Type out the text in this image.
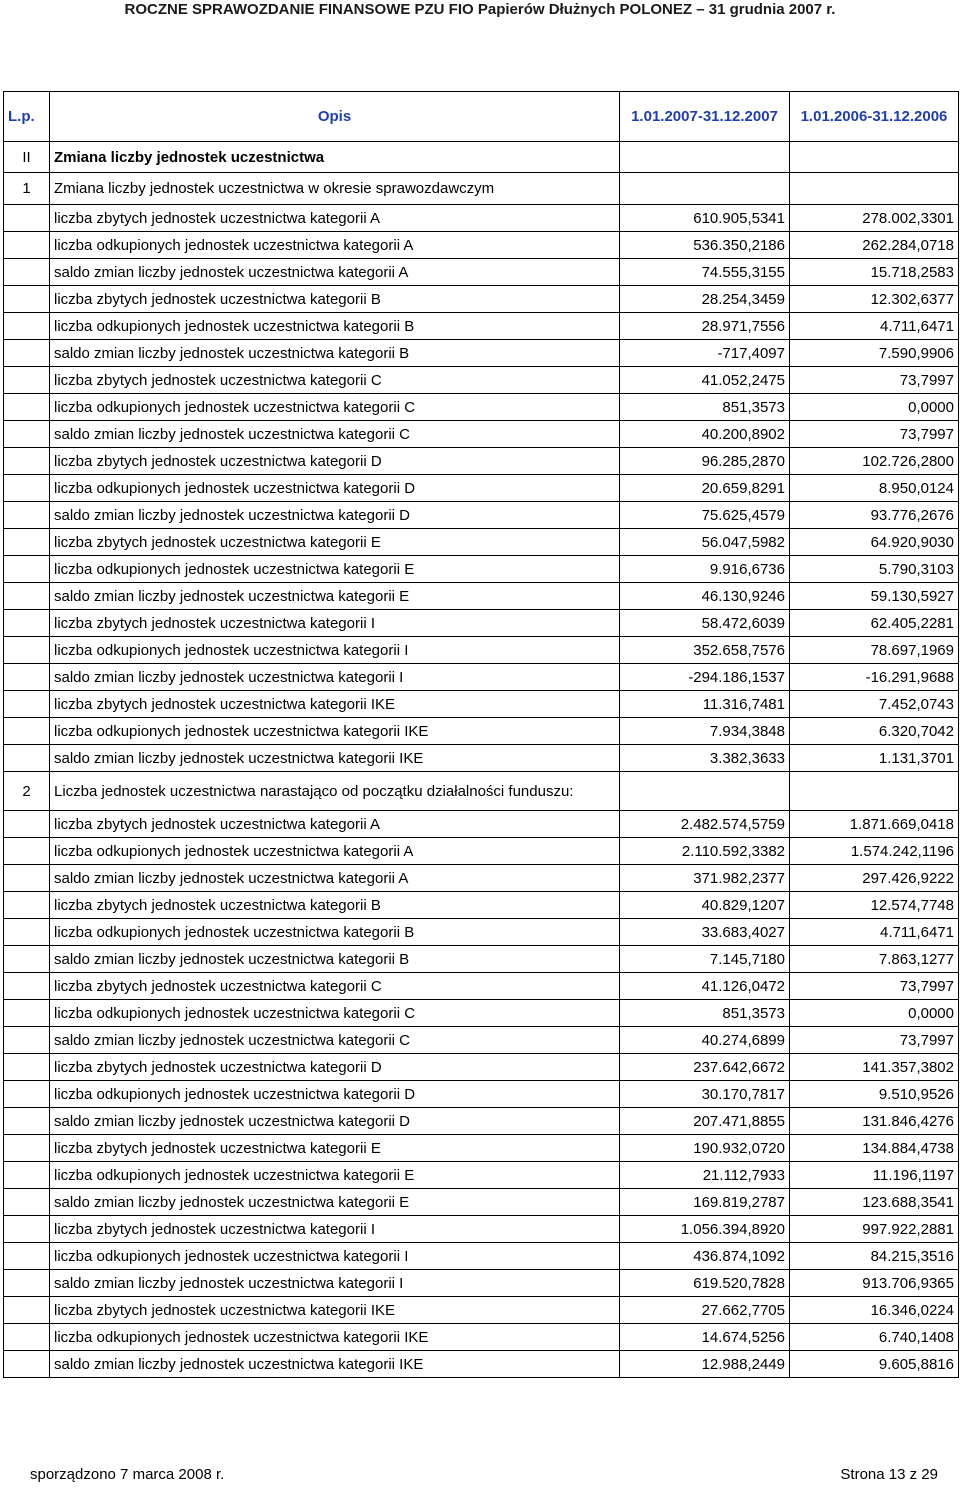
ROCZNE SPRAWOZDANIE FINANSOWE PZU FIO Papierów Dłużnych POLONEZ – 31 grudnia 2007 r.
L.p.	Opis	1.01.2007-31.12.2007	1.01.2006-31.12.2006
II	Zmiana liczby jednostek uczestnictwa		
1	Zmiana liczby jednostek uczestnictwa w okresie sprawozdawczym		
	liczba zbytych jednostek uczestnictwa kategorii A	610.905,5341	278.002,3301
	liczba odkupionych jednostek uczestnictwa kategorii A	536.350,2186	262.284,0718
	saldo zmian liczby jednostek uczestnictwa kategorii A	74.555,3155	15.718,2583
	liczba zbytych jednostek uczestnictwa kategorii B	28.254,3459	12.302,6377
	liczba odkupionych jednostek uczestnictwa kategorii B	28.971,7556	4.711,6471
	saldo zmian liczby jednostek uczestnictwa kategorii B	-717,4097	7.590,9906
	liczba zbytych jednostek uczestnictwa kategorii C	41.052,2475	73,7997
	liczba odkupionych jednostek uczestnictwa kategorii C	851,3573	0,0000
	saldo zmian liczby jednostek uczestnictwa kategorii C	40.200,8902	73,7997
	liczba zbytych jednostek uczestnictwa kategorii D	96.285,2870	102.726,2800
	liczba odkupionych jednostek uczestnictwa kategorii D	20.659,8291	8.950,0124
	saldo zmian liczby jednostek uczestnictwa kategorii D	75.625,4579	93.776,2676
	liczba zbytych jednostek uczestnictwa kategorii E	56.047,5982	64.920,9030
	liczba odkupionych jednostek uczestnictwa kategorii E	9.916,6736	5.790,3103
	saldo zmian liczby jednostek uczestnictwa kategorii E	46.130,9246	59.130,5927
	liczba zbytych jednostek uczestnictwa kategorii I	58.472,6039	62.405,2281
	liczba odkupionych jednostek uczestnictwa kategorii I	352.658,7576	78.697,1969
	saldo zmian liczby jednostek uczestnictwa kategorii I	-294.186,1537	-16.291,9688
	liczba zbytych jednostek uczestnictwa kategorii IKE	11.316,7481	7.452,0743
	liczba odkupionych jednostek uczestnictwa kategorii IKE	7.934,3848	6.320,7042
	saldo zmian liczby jednostek uczestnictwa kategorii IKE	3.382,3633	1.131,3701
2	Liczba jednostek uczestnictwa narastająco od początku działalności funduszu:		
	liczba zbytych jednostek uczestnictwa kategorii A	2.482.574,5759	1.871.669,0418
	liczba odkupionych jednostek uczestnictwa kategorii A	2.110.592,3382	1.574.242,1196
	saldo zmian liczby jednostek uczestnictwa kategorii A	371.982,2377	297.426,9222
	liczba zbytych jednostek uczestnictwa kategorii B	40.829,1207	12.574,7748
	liczba odkupionych jednostek uczestnictwa kategorii B	33.683,4027	4.711,6471
	saldo zmian liczby jednostek uczestnictwa kategorii B	7.145,7180	7.863,1277
	liczba zbytych jednostek uczestnictwa kategorii C	41.126,0472	73,7997
	liczba odkupionych jednostek uczestnictwa kategorii C	851,3573	0,0000
	saldo zmian liczby jednostek uczestnictwa kategorii C	40.274,6899	73,7997
	liczba zbytych jednostek uczestnictwa kategorii D	237.642,6672	141.357,3802
	liczba odkupionych jednostek uczestnictwa kategorii D	30.170,7817	9.510,9526
	saldo zmian liczby jednostek uczestnictwa kategorii D	207.471,8855	131.846,4276
	liczba zbytych jednostek uczestnictwa kategorii E	190.932,0720	134.884,4738
	liczba odkupionych jednostek uczestnictwa kategorii E	21.112,7933	11.196,1197
	saldo zmian liczby jednostek uczestnictwa kategorii E	169.819,2787	123.688,3541
	liczba zbytych jednostek uczestnictwa kategorii I	1.056.394,8920	997.922,2881
	liczba odkupionych jednostek uczestnictwa kategorii I	436.874,1092	84.215,3516
	saldo zmian liczby jednostek uczestnictwa kategorii I	619.520,7828	913.706,9365
	liczba zbytych jednostek uczestnictwa kategorii IKE	27.662,7705	16.346,0224
	liczba odkupionych jednostek uczestnictwa kategorii IKE	14.674,5256	6.740,1408
	saldo zmian liczby jednostek uczestnictwa kategorii IKE	12.988,2449	9.605,8816
sporządzono 7 marca 2008 r.	Strona 13 z 29
